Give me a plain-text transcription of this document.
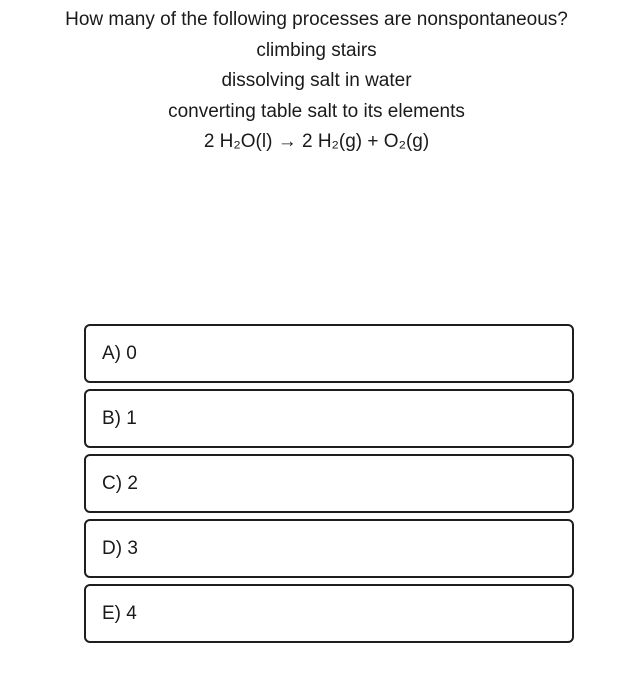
How many of the following processes are nonspontaneous?
climbing stairs
dissolving salt in water
converting table salt to its elements
2 H₂O(l) → 2 H₂(g) + O₂(g)
A) 0
B) 1
C) 2
D) 3
E) 4
